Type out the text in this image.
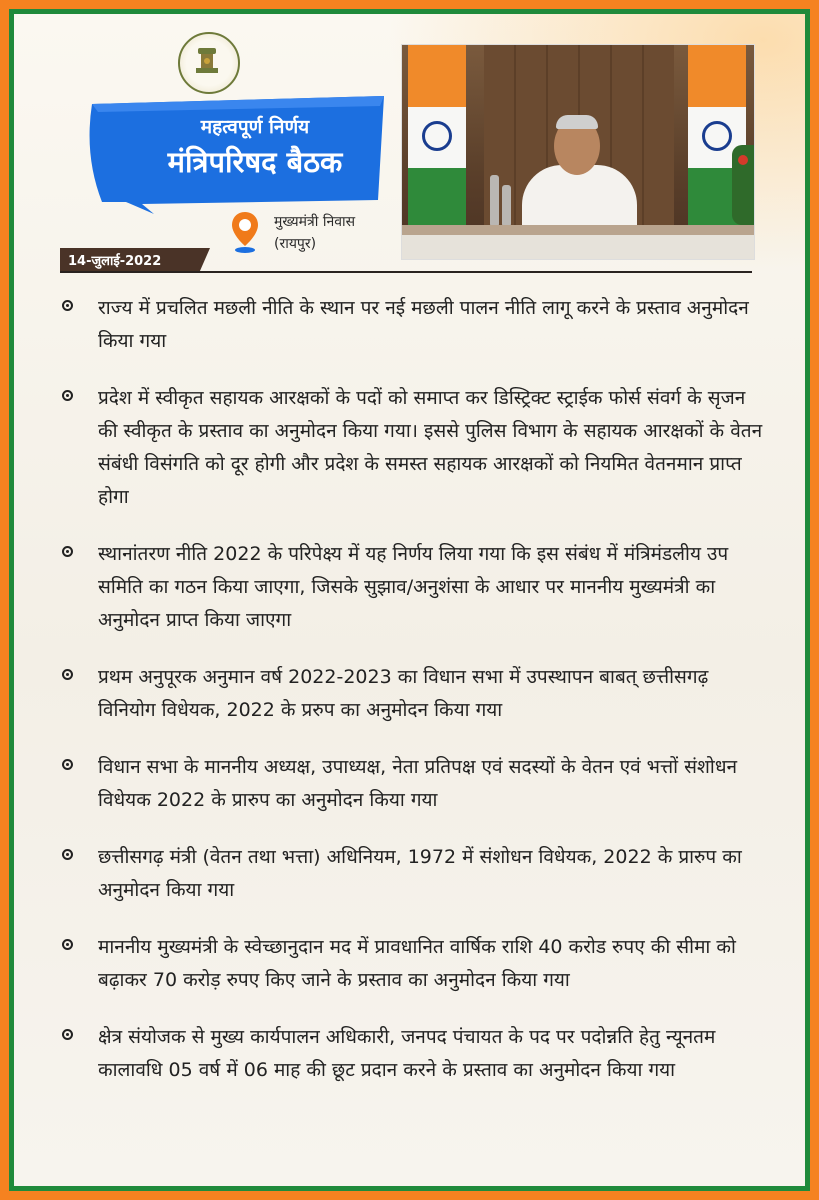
महत्वपूर्ण निर्णय
मंत्रिपरिषद बैठक
मुख्यमंत्री निवास
(रायपुर)
14-जुलाई-2022
राज्य में प्रचलित मछली नीति के स्थान पर नई मछली पालन नीति लागू करने के प्रस्ताव अनुमोदन किया गया
प्रदेश में स्वीकृत सहायक आरक्षकों के पदों को समाप्त कर डिस्ट्रिक्ट स्ट्राईक फोर्स संवर्ग के सृजन की स्वीकृत के प्रस्ताव का अनुमोदन किया गया। इससे पुलिस विभाग के सहायक आरक्षकों के वेतन संबंधी विसंगति को दूर होगी और प्रदेश के समस्त सहायक आरक्षकों को नियमित वेतनमान प्राप्त होगा
स्थानांतरण नीति 2022 के परिपेक्ष्य में यह निर्णय लिया गया कि इस संबंध में मंत्रिमंडलीय उप समिति का गठन किया जाएगा, जिसके सुझाव/अनुशंसा के आधार पर माननीय मुख्यमंत्री का अनुमोदन प्राप्त किया जाएगा
प्रथम अनुपूरक अनुमान वर्ष 2022-2023 का विधान सभा में उपस्थापन बाबत् छत्तीसगढ़ विनियोग विधेयक, 2022 के प्ररुप का अनुमोदन किया गया
विधान सभा के माननीय अध्यक्ष, उपाध्यक्ष, नेता प्रतिपक्ष एवं सदस्यों के वेतन एवं भत्तों संशोधन विधेयक 2022 के प्रारुप का अनुमोदन किया गया
छत्तीसगढ़ मंत्री (वेतन तथा भत्ता) अधिनियम, 1972 में संशोधन विधेयक, 2022 के प्रारुप का अनुमोदन किया गया
माननीय मुख्यमंत्री के स्वेच्छानुदान मद में प्रावधानित वार्षिक राशि 40 करोड रुपए की सीमा को बढ़ाकर 70 करोड़ रुपए किए जाने के प्रस्ताव का अनुमोदन किया गया
क्षेत्र संयोजक से मुख्य कार्यपालन अधिकारी, जनपद पंचायत के पद पर पदोन्नति हेतु न्यूनतम कालावधि 05 वर्ष में 06 माह की छूट प्रदान करने के प्रस्ताव का अनुमोदन किया गया
